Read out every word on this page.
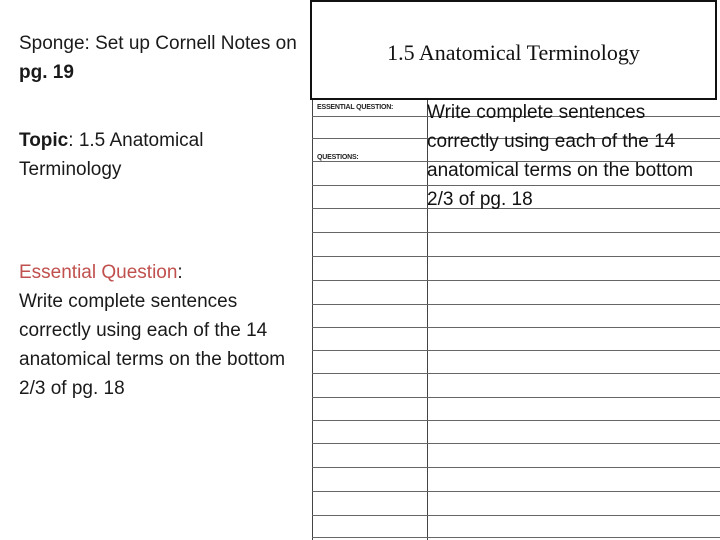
Sponge: Set up Cornell Notes on pg. 19
Topic: 1.5 Anatomical Terminology
Essential Question:
Write complete sentences correctly using each of the 14 anatomical terms on the bottom 2/3 of pg. 18
ESSENTIAL QUESTION:
QUESTIONS:
1.5 Anatomical Terminology
Write complete sentences correctly using each of the 14 anatomical terms on the bottom 2/3 of pg. 18
